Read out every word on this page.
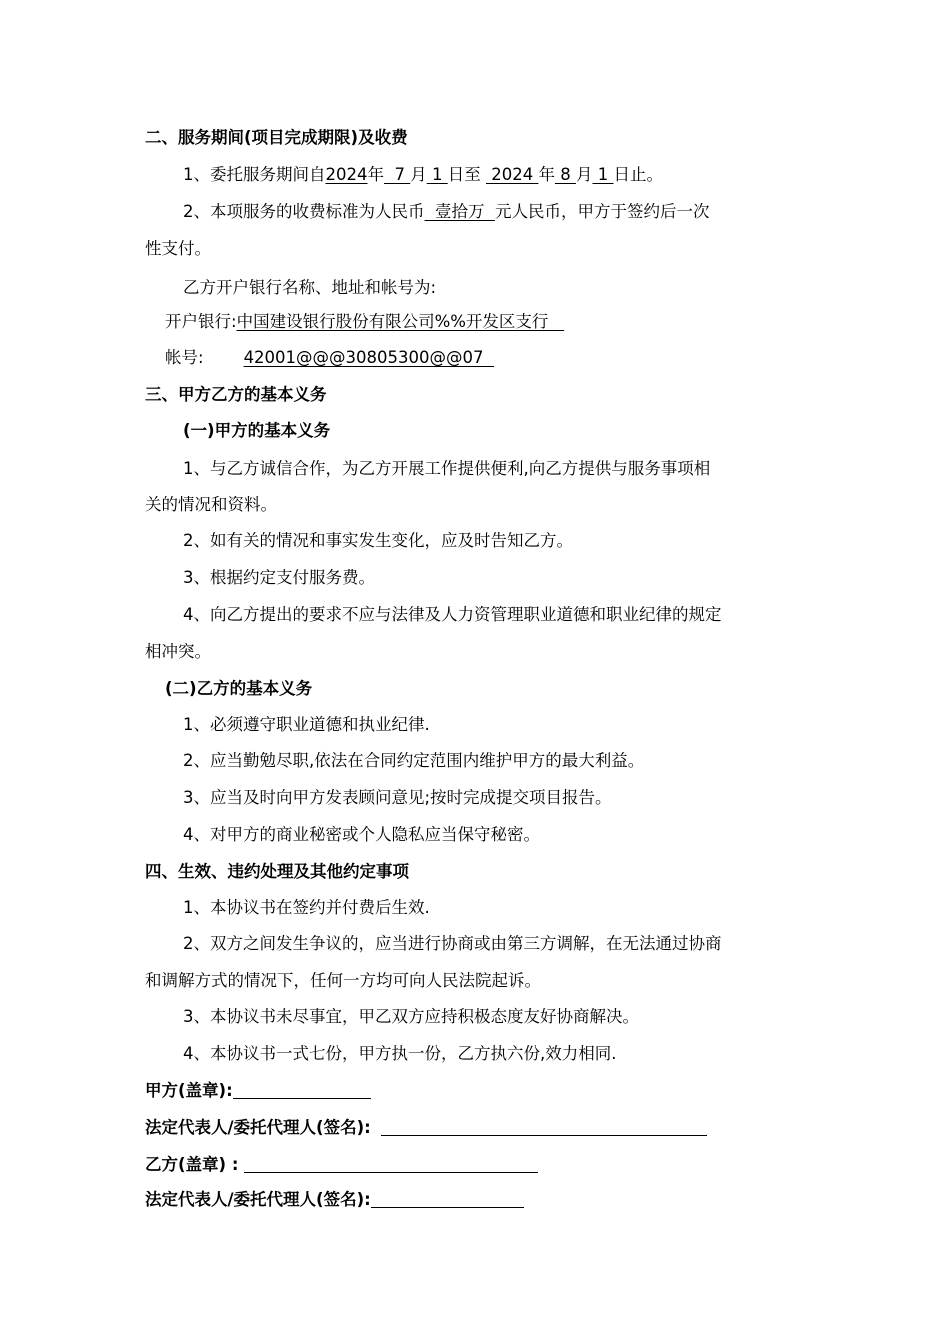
二、服务期间(项目完成期限)及收费
1、委托服务期间自2024年  7 月 1 日至  2024 年 8 月 1 日止。
2、本项服务的收费标准为人民币  壹拾万  元人民币，甲方于签约后一次
性支付。
乙方开户银行名称、地址和帐号为:
开户银行:中国建设银行股份有限公司%%开发区支行
帐号: 42001@@@30805300@@07
三、甲方乙方的基本义务
(一)甲方的基本义务
1、与乙方诚信合作，为乙方开展工作提供便利,向乙方提供与服务事项相
关的情况和资料。
2、如有关的情况和事实发生变化，应及时告知乙方。
3、根据约定支付服务费。
4、向乙方提出的要求不应与法律及人力资管理职业道德和职业纪律的规定
相冲突。
(二)乙方的基本义务
1、必须遵守职业道德和执业纪律.
2、应当勤勉尽职,依法在合同约定范围内维护甲方的最大利益。
3、应当及时向甲方发表顾问意见;按时完成提交项目报告。
4、对甲方的商业秘密或个人隐私应当保守秘密。
四、生效、违约处理及其他约定事项
1、本协议书在签约并付费后生效.
2、双方之间发生争议的，应当进行协商或由第三方调解，在无法通过协商
和调解方式的情况下，任何一方均可向人民法院起诉。
3、本协议书未尽事宜，甲乙双方应持积极态度友好协商解决。
4、本协议书一式七份，甲方执一份，乙方执六份,效力相同.
甲方(盖章):
法定代表人/委托代理人(签名):
乙方(盖章) :
法定代表人/委托代理人(签名):
